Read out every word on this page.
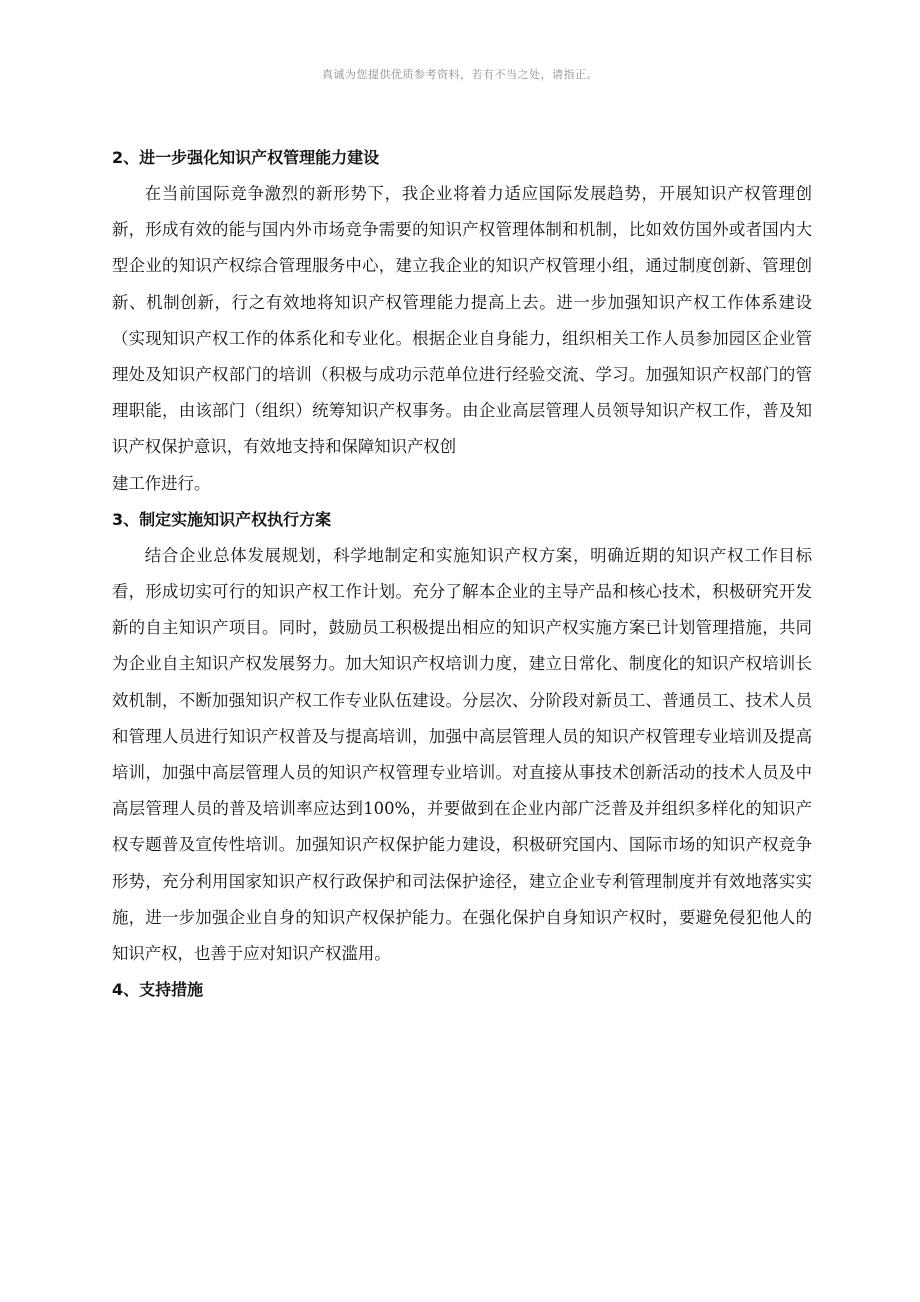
真诚为您提供优质参考资料，若有不当之处，请指正。
2、进一步强化知识产权管理能力建设

在当前国际竞争激烈的新形势下，我企业将着力适应国际发展趋势，开展知识产权管理创新，形成有效的能与国内外市场竞争需要的知识产权管理体制和机制，比如效仿国外或者国内大型企业的知识产权综合管理服务中心，建立我企业的知识产权管理小组，通过制度创新、管理创新、机制创新，行之有效地将知识产权管理能力提高上去。进一步加强知识产权工作体系建设（实现知识产权工作的体系化和专业化。根据企业自身能力，组织相关工作人员参加园区企业管理处及知识产权部门的培训（积极与成功示范单位进行经验交流、学习。加强知识产权部门的管理职能，由该部门（组织）统筹知识产权事务。由企业高层管理人员领导知识产权工作，普及知识产权保护意识，有效地支持和保障知识产权创

建工作进行。

3、制定实施知识产权执行方案

结合企业总体发展规划，科学地制定和实施知识产权方案，明确近期的知识产权工作目标看，形成切实可行的知识产权工作计划。充分了解本企业的主导产品和核心技术，积极研究开发新的自主知识产项目。同时，鼓励员工积极提出相应的知识产权实施方案已计划管理措施，共同为企业自主知识产权发展努力。加大知识产权培训力度，建立日常化、制度化的知识产权培训长效机制，不断加强知识产权工作专业队伍建设。分层次、分阶段对新员工、普通员工、技术人员和管理人员进行知识产权普及与提高培训，加强中高层管理人员的知识产权管理专业培训及提高培训，加强中高层管理人员的知识产权管理专业培训。对直接从事技术创新活动的技术人员及中高层管理人员的普及培训率应达到100%，并要做到在企业内部广泛普及并组织多样化的知识产权专题普及宣传性培训。加强知识产权保护能力建设，积极研究国内、国际市场的知识产权竞争形势，充分利用国家知识产权行政保护和司法保护途径，建立企业专利管理制度并有效地落实实施，进一步加强企业自身的知识产权保护能力。在强化保护自身知识产权时，要避免侵犯他人的知识产权，也善于应对知识产权滥用。

4、支持措施
